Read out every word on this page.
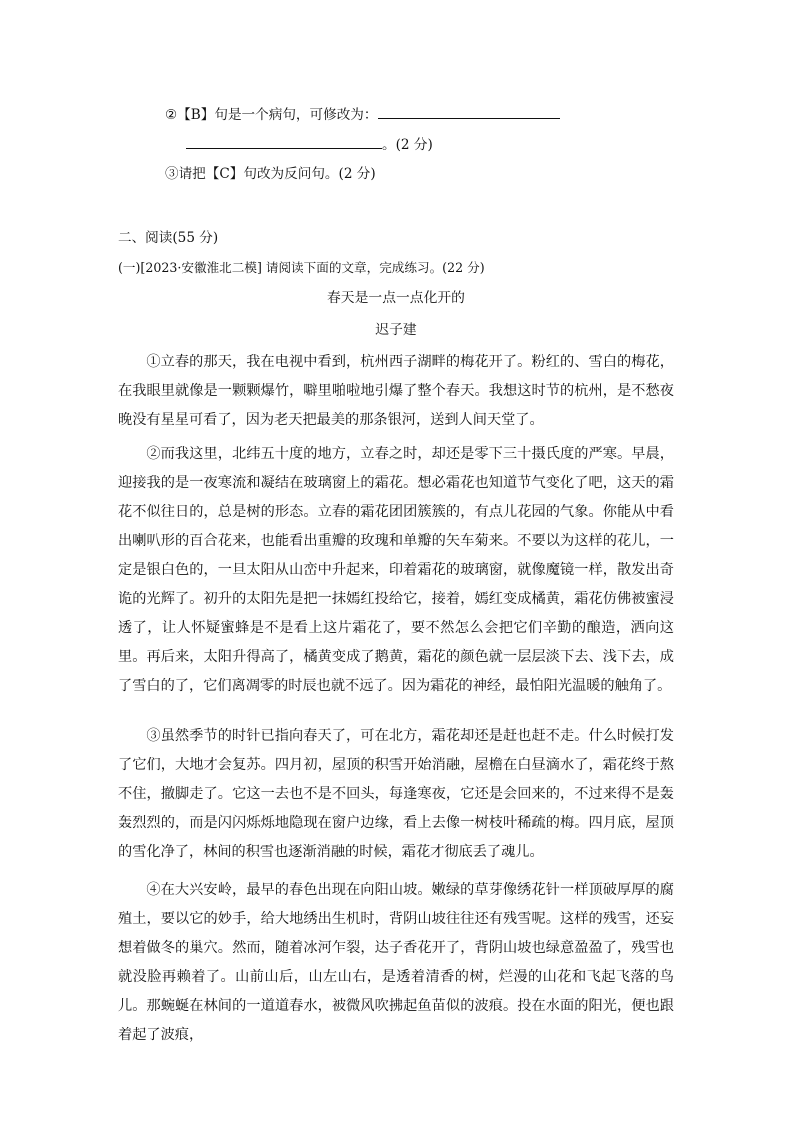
②【B】句是一个病句，可修改为：
。(2 分)
③请把【C】句改为反问句。(2 分)
二、阅读(55 分)
(一)[2023·安徽淮北二模] 请阅读下面的文章，完成练习。(22 分)
春天是一点一点化开的
迟子建
①立春的那天，我在电视中看到，杭州西子湖畔的梅花开了。粉红的、雪白的梅花，在我眼里就像是一颗颗爆竹，噼里啪啦地引爆了整个春天。我想这时节的杭州，是不愁夜晚没有星星可看了，因为老天把最美的那条银河，送到人间天堂了。
②而我这里，北纬五十度的地方，立春之时，却还是零下三十摄氏度的严寒。早晨，迎接我的是一夜寒流和凝结在玻璃窗上的霜花。想必霜花也知道节气变化了吧，这天的霜花不似往日的，总是树的形态。立春的霜花团团簇簇的，有点儿花园的气象。你能从中看出喇叭形的百合花来，也能看出重瓣的玫瑰和单瓣的矢车菊来。不要以为这样的花儿，一定是银白色的，一旦太阳从山峦中升起来，印着霜花的玻璃窗，就像魔镜一样，散发出奇诡的光辉了。初升的太阳先是把一抹嫣红投给它，接着，嫣红变成橘黄，霜花仿佛被蜜浸透了，让人怀疑蜜蜂是不是看上这片霜花了，要不然怎么会把它们辛勤的酿造，洒向这里。再后来，太阳升得高了，橘黄变成了鹅黄，霜花的颜色就一层层淡下去、浅下去，成了雪白的了，它们离凋零的时辰也就不远了。因为霜花的神经，最怕阳光温暖的触角了。
③虽然季节的时针已指向春天了，可在北方，霜花却还是赶也赶不走。什么时候打发了它们，大地才会复苏。四月初，屋顶的积雪开始消融，屋檐在白昼滴水了，霜花终于熬不住，撤脚走了。它这一去也不是不回头，每逢寒夜，它还是会回来的，不过来得不是轰轰烈烈的，而是闪闪烁烁地隐现在窗户边缘，看上去像一树枝叶稀疏的梅。四月底，屋顶的雪化净了，林间的积雪也逐渐消融的时候，霜花才彻底丢了魂儿。
④在大兴安岭，最早的春色出现在向阳山坡。嫩绿的草芽像绣花针一样顶破厚厚的腐殖土，要以它的妙手，给大地绣出生机时，背阴山坡往往还有残雪呢。这样的残雪，还妄想着做冬的巢穴。然而，随着冰河乍裂，达子香花开了，背阴山坡也绿意盈盈了，残雪也就没脸再赖着了。山前山后，山左山右，是透着清香的树，烂漫的山花和飞起飞落的鸟儿。那蜿蜒在林间的一道道春水，被微风吹拂起鱼苗似的波痕。投在水面的阳光，便也跟着起了波痕，
